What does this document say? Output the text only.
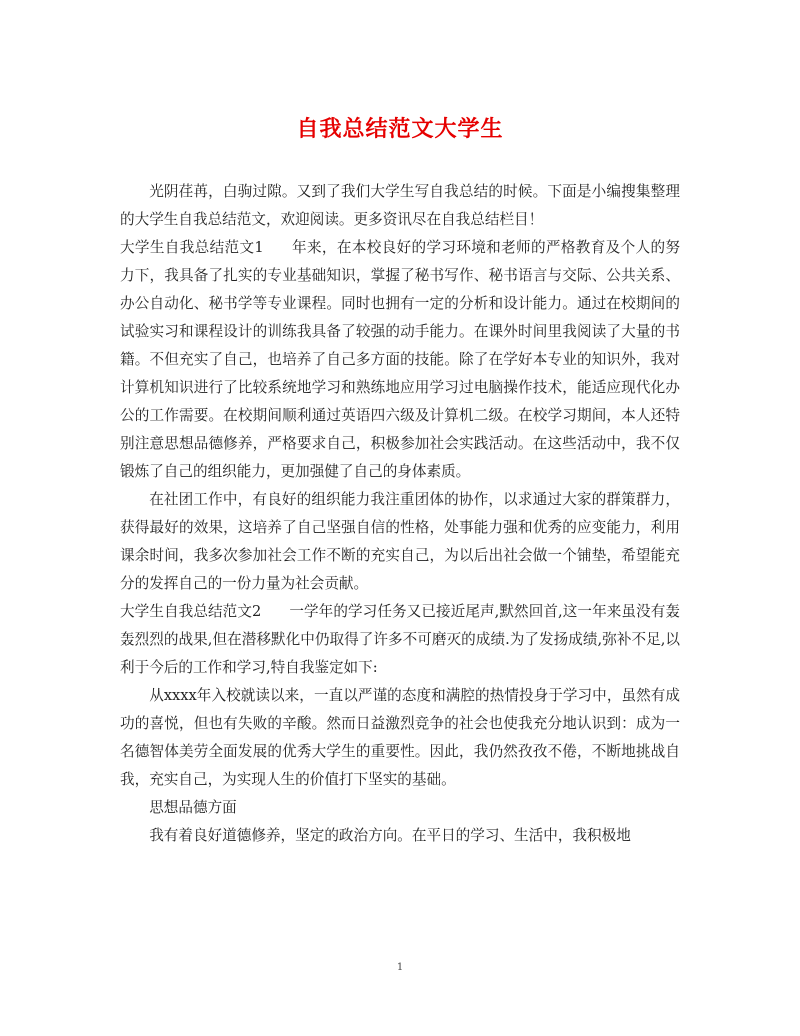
自我总结范文大学生

光阴荏苒，白驹过隙。又到了我们大学生写自我总结的时候。下面是小编搜集整理的大学生自我总结范文，欢迎阅读。更多资讯尽在自我总结栏目！

大学生自我总结范文1 年来，在本校良好的学习环境和老师的严格教育及个人的努力下，我具备了扎实的专业基础知识，掌握了秘书写作、秘书语言与交际、公共关系、办公自动化、秘书学等专业课程。同时也拥有一定的分析和设计能力。通过在校期间的试验实习和课程设计的训练我具备了较强的动手能力。在课外时间里我阅读了大量的书籍。不但充实了自己，也培养了自己多方面的技能。除了在学好本专业的知识外，我对计算机知识进行了比较系统地学习和熟练地应用学习过电脑操作技术，能适应现代化办公的工作需要。在校期间顺利通过英语四六级及计算机二级。在校学习期间，本人还特别注意思想品德修养，严格要求自己，积极参加社会实践活动。在这些活动中，我不仅锻炼了自己的组织能力，更加强健了自己的身体素质。

在社团工作中，有良好的组织能力我注重团体的协作，以求通过大家的群策群力，获得最好的效果，这培养了自己坚强自信的性格，处事能力强和优秀的应变能力，利用课余时间，我多次参加社会工作不断的充实自己，为以后出社会做一个铺垫，希望能充分的发挥自己的一份力量为社会贡献。

大学生自我总结范文2 一学年的学习任务又已接近尾声,默然回首,这一年来虽没有轰轰烈烈的战果,但在潜移默化中仍取得了许多不可磨灭的成绩.为了发扬成绩,弥补不足,以利于今后的工作和学习,特自我鉴定如下:

从xxxx年入校就读以来，一直以严谨的态度和满腔的热情投身于学习中，虽然有成功的喜悦，但也有失败的辛酸。然而日益激烈竞争的社会也使我充分地认识到：成为一名德智体美劳全面发展的优秀大学生的重要性。因此，我仍然孜孜不倦，不断地挑战自我，充实自己，为实现人生的价值打下坚实的基础。

思想品德方面

我有着良好道德修养，坚定的政治方向。在平日的学习、生活中，我积极地

1
